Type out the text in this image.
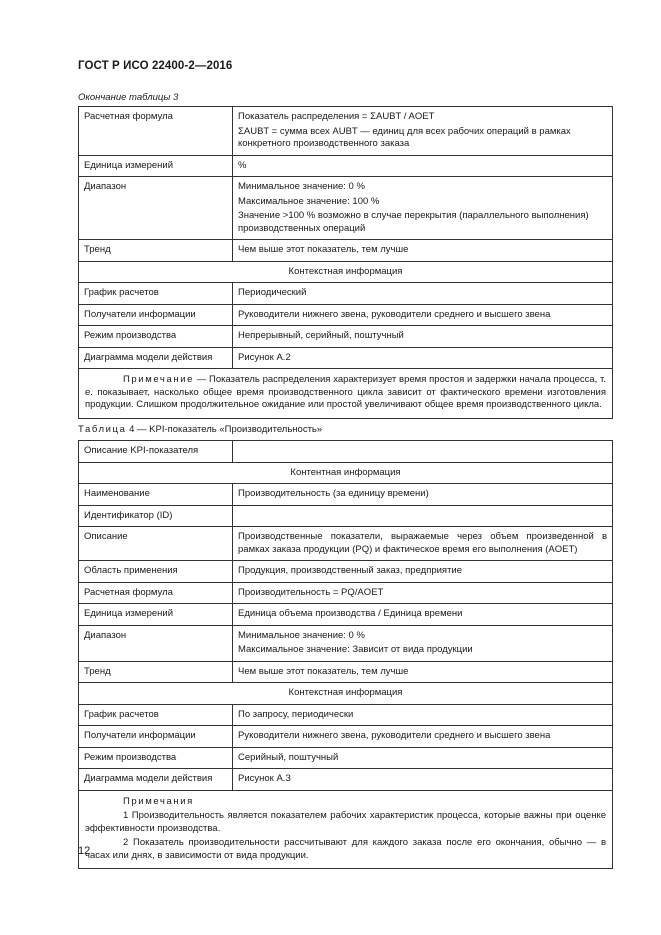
ГОСТ Р ИСО 22400-2—2016
Окончание таблицы 3
Расчетная формула	Показатель распределения = ΣAUBT / AOET

ΣAUBT = сумма всех AUBT — единиц для всех рабочих операций в рамках конкретного производственного заказа

Единица измерений	%
Диапазон	Минимальное значение: 0 %

Максимальное значение: 100 %

Значение >100 % возможно в случае перекрытия (параллельного выполнения) производственных операций

Тренд	Чем выше этот показатель, тем лучше
Контекстная информация	
График расчетов	Периодический
Получатели информации	Руководители нижнего звена, руководители среднего и высшего звена
Режим производства	Непрерывный, серийный, поштучный
Диаграмма модели действия	Рисунок А.2
Примечание — Показатель распределения характеризует время простоя и задержки начала процесса, т. е. показывает, насколько общее время производственного цикла зависит от фактического времени изготовления продукции. Слишком продолжительное ожидание или простой увеличивают общее время производственного цикла.	
Таблица 4 — KPI-показатель «Производительность»
Описание KPI-показателя	
Контентная информация	
Наименование	Производительность (за единицу времени)
Идентификатор (ID)	
Описание	Производственные показатели, выражаемые через объем произведенной в рамках заказа продукции (PQ) и фактическое время его выполнения (AOET)
Область применения	Продукция, производственный заказ, предприятие
Расчетная формула	Производительность = PQ/AOET
Единица измерений	Единица объема производства / Единица времени
Диапазон	Минимальное значение: 0 %

Максимальное значение: Зависит от вида продукции

Тренд	Чем выше этот показатель, тем лучше
Контекстная информация	
График расчетов	По запросу, периодически
Получатели информации	Руководители нижнего звена, руководители среднего и высшего звена
Режим производства	Серийный, поштучный
Диаграмма модели действия	Рисунок А.3

Примечания

1 Производительность является показателем рабочих характеристик процесса, которые важны при оценке эффективности производства.

2 Показатель производительности рассчитывают для каждого заказа после его окончания, обычно — в часах или днях, в зависимости от вида продукции.	

12
